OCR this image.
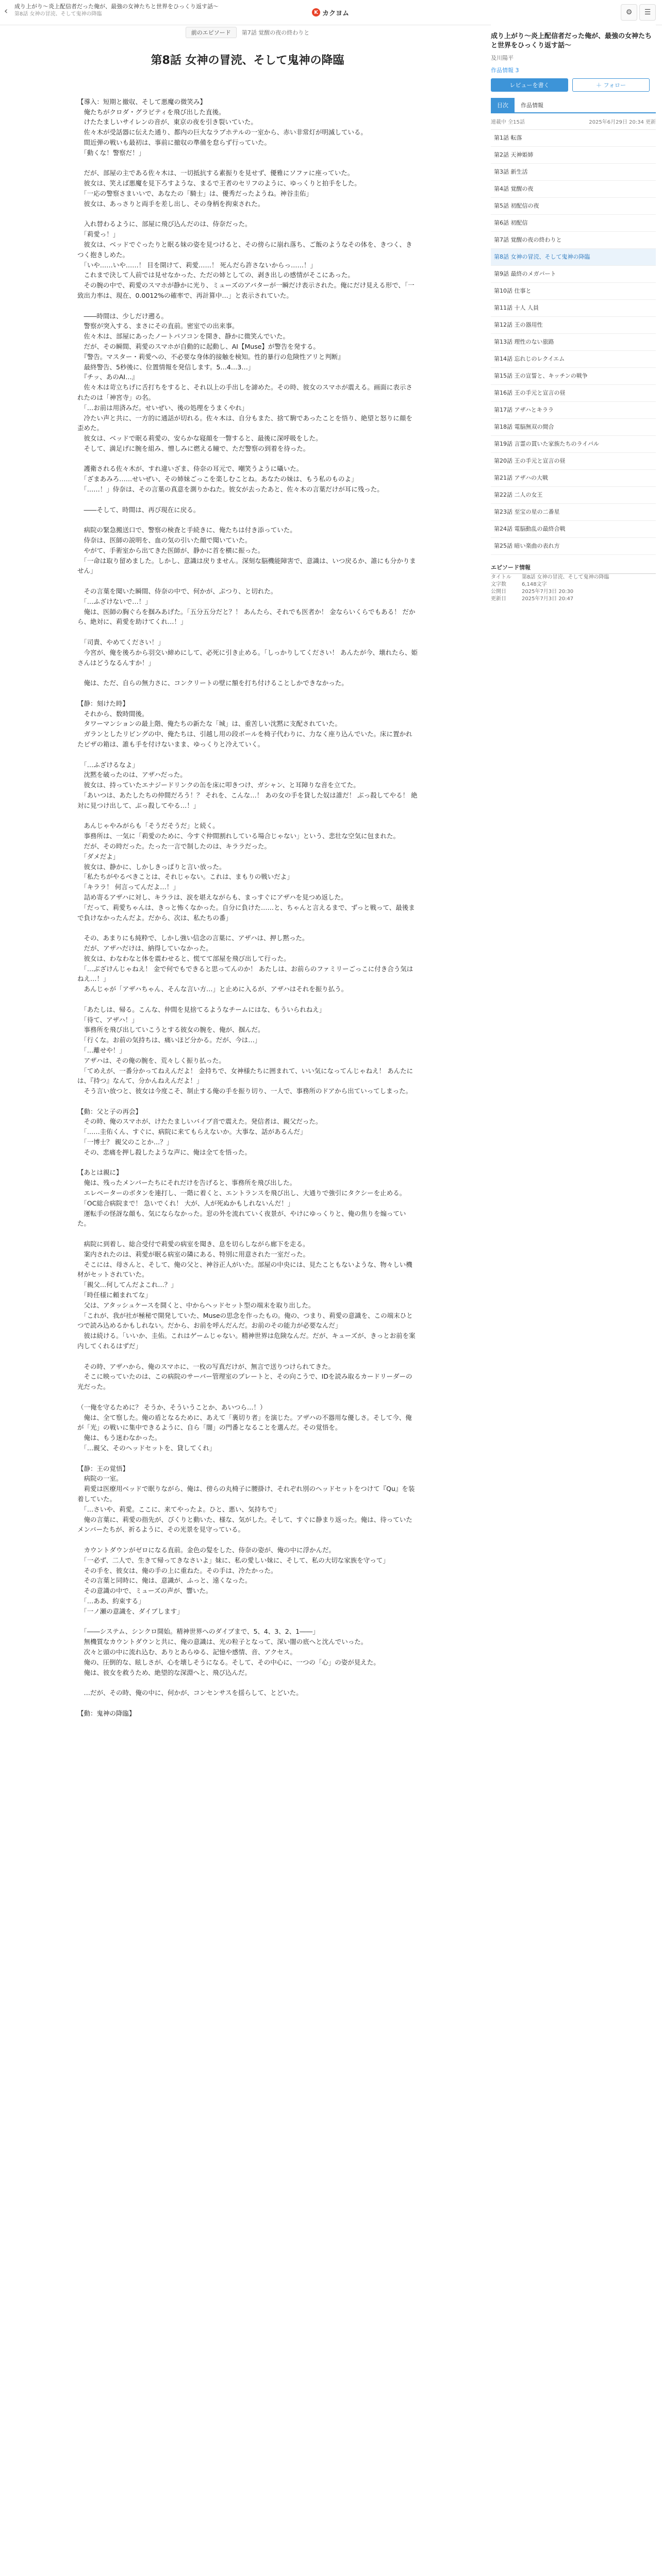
‹	成り上がり〜炎上配信者だった俺が、最強の女神たちと世界をひっくり返す話〜
第8話 女神の冒涜、そして鬼神の降臨	K カクヨム	⚙	☰
前のエピソード	第7話 覚醒の夜の終わりと
第8話 女神の冒涜、そして鬼神の降臨

【導入：短期と撤収、そして悪魔の微笑み】

　俺たちがクロダ・グラビティを飛び出した直後。

　けたたましいサイレンの音が、東京の夜を引き裂いていた。

　佐々木が受話器に伝えた通り、都内の巨大なラブホテルの一室から、赤い非常灯が明滅している。

　間近弾の戦いも最初は、事前に撤収の準備を怠らず行っていた。

　「動くな！警察だ！」

　だが、部屋の主である佐々木は、一切抵抗する素振りを見せず、優雅にソファに座っていた。

　彼女は、笑えば悪魔を見下ろすような、まるで王者のセリフのように、ゆっくりと拍手をした。

　「一応の警察さまいいで、あなたの「騎士」は、優秀だったようね。神谷圭佑」

　彼女は、あっさりと両手を差し出し、その身柄を拘束された。

　入れ替わるように、部屋に飛び込んだのは、侍奈だった。

　「莉愛っ！」

　彼女は、ベッドでぐったりと眠る妹の姿を見つけると、その傍らに崩れ落ち、ご飯のようなその体を、きつく、きつく抱きしめた。

　「いや……いや……！ 目を開けて、莉愛……！ 死んだら許さないからっ……！」

　これまで決して人前では見せなかった、ただの姉としての、剥き出しの感情がそこにあった。

　その腕の中で、莉愛のスマホが静かに光り、ミューズのアバターが一瞬だけ表示された。俺にだけ見える形で、「一致出力率は、現在、0.0012%の確率で、再計算中…」と表示されていた。

　――時間は、少しだけ遡る。

　警察が突入する、まさにその直前。密室での出来事。

　佐々木は、部屋にあったノートパソコンを開き、静かに微笑んでいた。

　だが、その瞬間、莉愛のスマホが自動的に起動し、AI【Muse】が警告を発する。

　『警告。マスター・莉愛への、不必要な身体的接触を検知。性的暴行の危険性アリと判断』

　最終警告、5秒後に、位置情報を発信します。5…4…3…」

　『チッ、あのAI…』

　佐々木は苛立ちげに舌打ちをすると、それ以上の手出しを諦めた。その時、彼女のスマホが震える。画面に表示されたのは「神宮寺」の名。

　「…お前は用済みだ。せいぜい、後の処理をうまくやれ」

　冷たい声と共に、一方的に通話が切れる。佐々木は、自分もまた、捨て駒であったことを悟り、絶望と怒りに顔を歪めた。

　彼女は、ベッドで眠る莉愛の、安らかな寝顔を一瞥すると、最後に深呼吸をした。

　そして、満足げに腕を組み、憎しみに燃える瞳で、ただ警察の到着を待った。

　護衛される佐々木が、すれ違いざま、侍奈の耳元で、嘲笑うように囁いた。

　「ざまあみろ……せいぜい、その姉妹ごっこを楽しむことね。あなたの妹は、もう私のものよ」

　「……！」侍奈は、その言葉の真意を測りかねた。彼女が去ったあと、佐々木の言葉だけが耳に残った。

　――そして、時間は、再び現在に戻る。

　病院の緊急搬送口で、警察の検査と手続きに、俺たちは付き添っていた。

　侍奈は、医師の説明を、血の気の引いた顔で聞いていた。

　やがて、手術室から出てきた医師が、静かに首を横に振った。

　「一命は取り留めました。しかし、意識は戻りません。深刻な脳機能障害で、意識は、いつ戻るか、誰にも分かりません」

　その言葉を聞いた瞬間、侍奈の中で、何かが、ぷつり、と切れた。

　「…ふざけないで…！」

　俺は、医師の胸ぐらを掴みあげた。「五分五分だと？！ あんたら、それでも医者か！ 金ならいくらでもある！ だから、絶対に、莉愛を助けてくれ…！」

　「司貴、やめてください！」

　今宮が、俺を後ろから羽交い締めにして、必死に引き止める。「しっかりしてください！ あんたが今、壊れたら、姫さんはどうなるんすか！」

　俺は、ただ、自らの無力さに、コンクリートの壁に額を打ち付けることしかできなかった。

【静：刻けた時】

　それから、数時間後。

　タワーマンションの最上階、俺たちの新たな「城」は、重苦しい沈黙に支配されていた。

　ガランとしたリビングの中、俺たちは、引越し用の段ボールを椅子代わりに、力なく座り込んでいた。床に置かれたピザの箱は、誰も手を付けないまま、ゆっくりと冷えていく。

　「…ふざけるなよ」

　沈黙を破ったのは、アザハだった。

　彼女は、持っていたエナジードリンクの缶を床に叩きつけ、ガシャン、と耳障りな音を立てた。

　「あいつは、あたしたちの仲間だろう！？ それを、こんな…！ あの女の手を貸した奴は誰だ！ ぶっ殺してやる！ 絶対に見つけ出して、ぶっ殺してやる…！」

　あんじゃやみがらも「そうだそうだ」と続く。

　事務所は、一気に「莉愛のために、今すぐ仲間割れしている場合じゃない」という、悲壮な空気に包まれた。

　だが、その時だった。たった一言で制したのは、キララだった。

　「ダメだよ」

　彼女は、静かに、しかしきっぱりと言い放った。

　「私たちがやるべきことは、それじゃない。これは、まもりの戦いだよ」

　「キララ！ 何言ってんだよ…！」

　詰め寄るアザハに対し、キララは、涙を堪えながらも、まっすぐにアザハを見つめ返した。

　「だって、莉愛ちゃんは、きっと怖くなかった。自分に負けた……と、ちゃんと言えるまで、ずっと戦って、最後まで負けなかったんだよ。だから、次は、私たちの番」

　その、あまりにも純粋で、しかし強い信念の言葉に、アザハは、押し黙った。

　だが、アザハだけは、納得していなかった。

　彼女は、わなわなと体を震わせると、慌てて部屋を飛び出して行った。

　「…ぶざけんじゃねえ！ 金で何でもできると思ってんのか！ あたしは、お前らのファミリーごっこに付き合う気はねえ…！」

　あんじゃが「アザハちゃん、そんな言い方…」と止めに入るが、アザハはそれを振り払う。

　「あたしは、帰る。こんな、仲間を見捨てるようなチームにはな、もういられねえ」

　「待て、アザハ！」

　事務所を飛び出していこうとする彼女の腕を、俺が、掴んだ。

　「行くな。お前の気持ちは、痛いほど分かる。だが、今は…」

　「…離せや！」

　アザハは、その俺の腕を、荒々しく振り払った。

　「てめえが、一番分かってねえんだよ！ 金持ちで、女神様たちに囲まれて、いい気になってんじゃねえ！ あんたには、『持つ』なんて、分かんねえんだよ！」

　そう言い放つと、彼女は今度こそ、制止する俺の手を振り切り、一人で、事務所のドアから出ていってしまった。

【動：父と子の再会】

　その時、俺のスマホが、けたたましいバイブ音で震えた。発信者は、親父だった。

　「……圭佑くん、すぐに、病院に来てもらえないか。大事な、話があるんだ」

　「一博士？ 親父のことか…？」

　その、悲痛を押し殺したような声に、俺は全てを悟った。

【あとは親に】

　俺は、残ったメンバーたちにそれだけを告げると、事務所を飛び出した。

　エレベーターのボタンを連打し、一階に着くと、エントランスを飛び出し、大通りで強引にタクシーを止める。

　「OC総合病院まで！ 急いでくれ！ 大が、人が死ぬかもしれないんだ！」

　運転手の怪訝な顔も、気にならなかった。窓の外を流れていく夜景が、やけにゆっくりと、俺の焦りを煽っていた。

　病院に到着し、総合受付で莉愛の病室を聞き、息を切らしながら廊下を走る。

　案内されたのは、莉愛が眠る病室の隣にある、特別に用意された一室だった。

　そこには、母さんと、そして、俺の父と、神谷正人がいた。部屋の中央には、見たこともないような、物々しい機材がセットされていた。

　「親父…何してんだよこれ…？」

　「時任様に頼まれてな」

　父は、アタッシュケースを開くと、中からヘッドセット型の端末を取り出した。

　「これが、我が社が極秘で開発していた、Museの思念を作ったもの。俺の、つまり、莉愛の意識を、この端末ひとつで読み込めるかもしれない。だから、お前を呼んだんだ。お前のその能力が必要なんだ」

　彼は続ける。「いいか、圭佑。これはゲームじゃない。精神世界は危険なんだ。だが、キューズが、きっとお前を案内してくれるはずだ」

　その時、アザハから、俺のスマホに、一枚の写真だけが、無言で送りつけられてきた。

　そこに映っていたのは、この病院のサーバー管理室のプレートと、その向こうで、IDを読み取るカードリーダーの光だった。

（一俺を守るために？ そうか、そういうことか、あいつら…！）

　俺は、全て察した。俺の盾となるために、あえて「裏切り者」を演じた。アザハの不器用な優しさ。そして今、俺が「光」の戦いに集中できるように、自ら「闇」の門番となることを選んだ。その覚悟を。

　俺は、もう迷わなかった。

　「…親父、そのヘッドセットを、貸してくれ」

【静：王の覚悟】

　病院の一室。

　莉愛は医療用ベッドで眠りながら、俺は、傍らの丸椅子に腰掛け、それぞれ別のヘッドセットをつけて『Qu』を装着していた。

　「…さいや、莉愛。ここに、来てやったよ。ひと、悪い、気持ちで」

　俺の言葉に、莉愛の指先が、ぴくりと動いた、様な、気がした。そして、すぐに静まり返った。俺は、待っていたメンバーたちが、祈るように、その光景を見守っている。

　カウントダウンがゼロになる直前。金色の髪をした、侍奈の姿が、俺の中に浮かんだ。

　「一必ず、二人で、生きて帰ってきなさいよ」妹に、私の愛しい妹に、そして、私の大切な家族を守って」

　その手を、彼女は、俺の手の上に重ねた。その手は、冷たかった。

　その言葉と同時に、俺は、意識が、ふっと、遠くなった。

　その意識の中で、ミューズの声が、響いた。

　「…ああ、約束する」

　「一ノ瀬の意識を、ダイブします」

　「――システム、シンクロ開始。精神世界へのダイブまで、5、4、3、2、1――」

　無機質なカウントダウンと共に、俺の意識は、光の粒子となって、深い闇の底へと沈んでいった。

　次々と頭の中に流れ込む、ありとあらゆる、記憶や感情、音、アクセス。

　俺の、圧倒的な、眩しさが、心を壊しそうになる。そして、その中心に、一つの「心」の姿が見えた。

　俺は、彼女を救うため、絶望的な深淵へと、飛び込んだ。

　…だが、その時、俺の中に、何かが、コンセンサスを揺らして、とどいた。

【動：鬼神の降臨】

成り上がり〜炎上配信者だった俺が、最強の女神たちと世界をひっくり返す話〜
及川陽平
作品情報 3
レビューを書く	＋ フォロー
目次	作品情報
連載中 全15話	2025年6月29日 20:34 更新
第1話 転落
第2話 天神姫姉
第3話 新生活
第4話 覚醒の夜
第5話 初配信の夜
第6話 初配信
第7話 覚醒の夜の終わりと
第8話 女神の冒涜、そして鬼神の降臨
第9話 最終のメガバート
第10話 仕事と
第11話 十人 人員
第12話 王の器用性
第13話 理性のない旅路
第14話 忘れじのレクイエム
第15話 王の宣誓と、キッチンの戦争
第16話 王の手元と宣言の昼
第17話 アザハとキララ
第18話 電脳無双の間合
第19話 言霊の貫いた家族たちのライバル
第20話 王の手元と宣言の昼
第21話 アザハの大戦
第22話 二人の女王
第23話 至宝の星の二番星
第24話 電脳動乱の最終合戦
第25話 暗い楽曲の表れ方
エピソード情報
タイトル	第8話 女神の冒涜、そして鬼神の降臨
文字数	6,148文字
公開日	2025年7月3日 20:30
更新日	2025年7月3日 20:47
